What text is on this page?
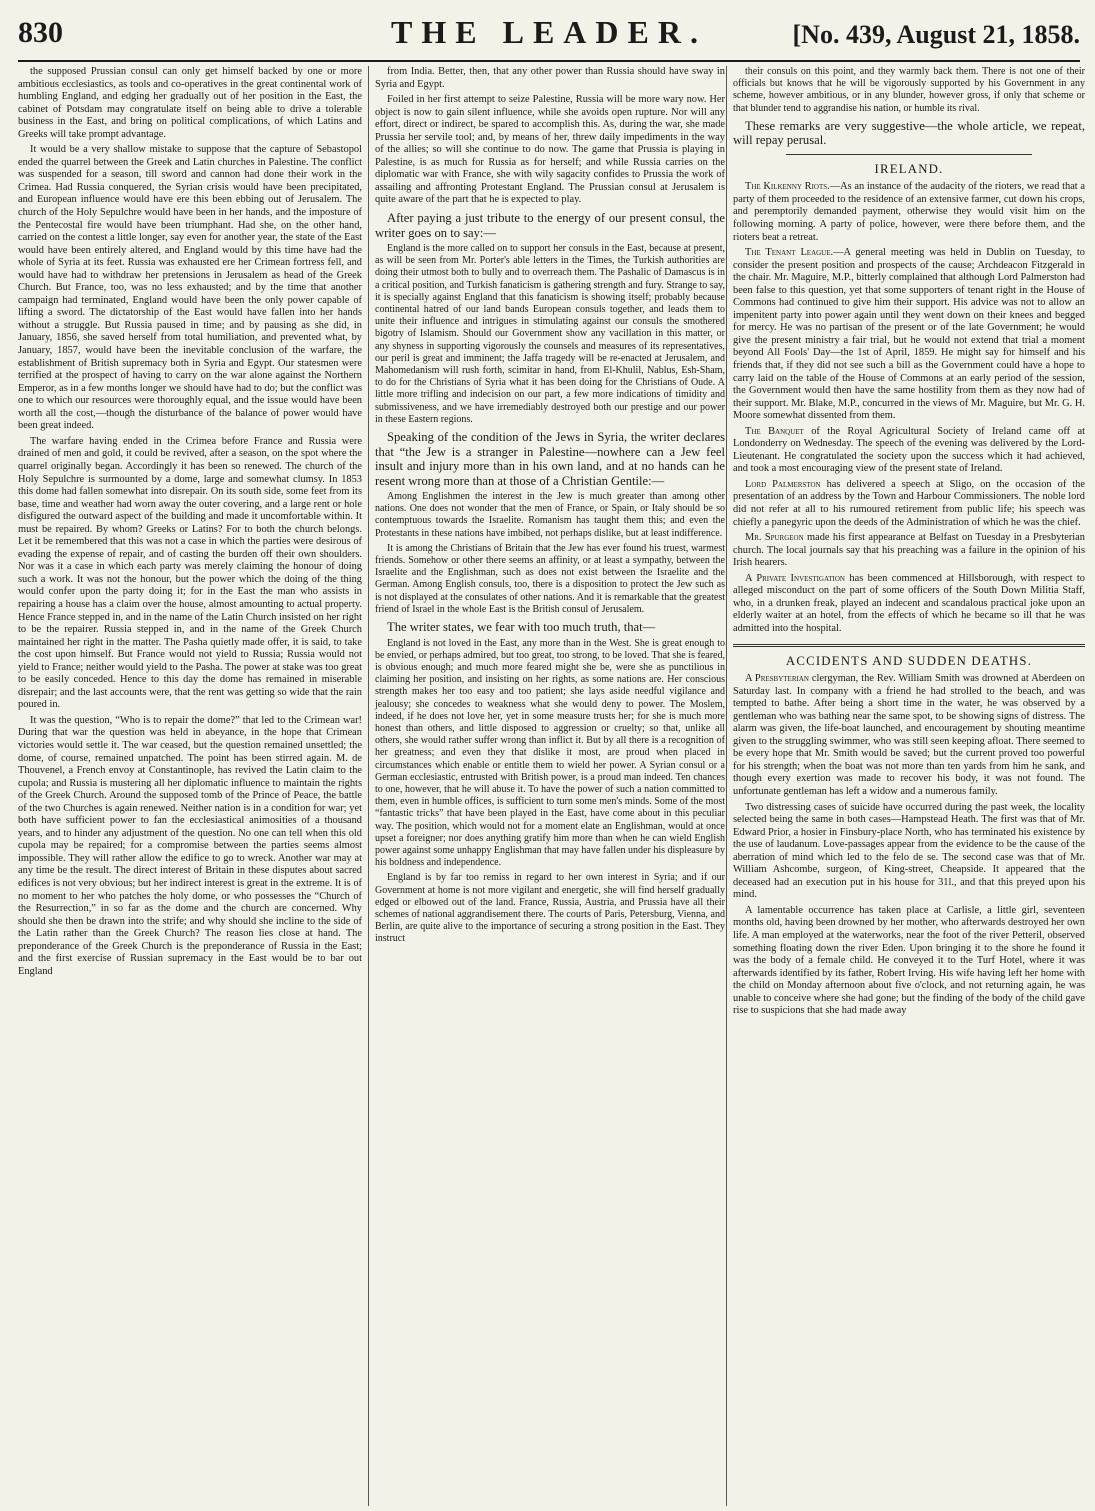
830	THE LEADER.	[No. 439, August 21, 1858.

the supposed Prussian consul can only get himself backed by one or more ambitious ecclesiastics, as tools and co-operatives in the great continental work of humbling England, and edging her gradually out of her position in the East, the cabinet of Potsdam may congratulate itself on being able to drive a tolerable business in the East, and bring on political complications, of which Latins and Greeks will take prompt advantage.

It would be a very shallow mistake to suppose that the capture of Sebastopol ended the quarrel between the Greek and Latin churches in Palestine. The conflict was suspended for a season, till sword and cannon had done their work in the Crimea. Had Russia conquered, the Syrian crisis would have been precipitated, and European influence would have ere this been ebbing out of Jerusalem. The church of the Holy Sepulchre would have been in her hands, and the imposture of the Pentecostal fire would have been triumphant. Had she, on the other hand, carried on the contest a little longer, say even for another year, the state of the East would have been entirely altered, and England would by this time have had the whole of Syria at its feet. Russia was exhausted ere her Crimean fortress fell, and would have had to withdraw her pretensions in Jerusalem as head of the Greek Church. But France, too, was no less exhausted; and by the time that another campaign had terminated, England would have been the only power capable of lifting a sword. The dictatorship of the East would have fallen into her hands without a struggle. But Russia paused in time; and by pausing as she did, in January, 1856, she saved herself from total humiliation, and prevented what, by January, 1857, would have been the inevitable conclusion of the warfare, the establishment of British supremacy both in Syria and Egypt. Our statesmen were terrified at the prospect of having to carry on the war alone against the Northern Emperor, as in a few months longer we should have had to do; but the conflict was one to which our resources were thoroughly equal, and the issue would have been worth all the cost,—though the disturbance of the balance of power would have been great indeed.

The warfare having ended in the Crimea before France and Russia were drained of men and gold, it could be revived, after a season, on the spot where the quarrel originally began. Accordingly it has been so renewed. The church of the Holy Sepulchre is surmounted by a dome, large and somewhat clumsy. In 1853 this dome had fallen somewhat into disrepair. On its south side, some feet from its base, time and weather had worn away the outer covering, and a large rent or hole disfigured the outward aspect of the building and made it uncomfortable within. It must be repaired. By whom? Greeks or Latins? For to both the church belongs. Let it be remembered that this was not a case in which the parties were desirous of evading the expense of repair, and of casting the burden off their own shoulders. Nor was it a case in which each party was merely claiming the honour of doing such a work. It was not the honour, but the power which the doing of the thing would confer upon the party doing it; for in the East the man who assists in repairing a house has a claim over the house, almost amounting to actual property. Hence France stepped in, and in the name of the Latin Church insisted on her right to be the repairer. Russia stepped in, and in the name of the Greek Church maintained her right in the matter. The Pasha quietly made offer, it is said, to take the cost upon himself. But France would not yield to Russia; Russia would not yield to France; neither would yield to the Pasha. The power at stake was too great to be easily conceded. Hence to this day the dome has remained in miserable disrepair; and the last accounts were, that the rent was getting so wide that the rain poured in.

It was the question, “Who is to repair the dome?” that led to the Crimean war! During that war the question was held in abeyance, in the hope that Crimean victories would settle it. The war ceased, but the question remained unsettled; the dome, of course, remained unpatched. The point has been stirred again. M. de Thouvenel, a French envoy at Constantinople, has revived the Latin claim to the cupola; and Russia is mustering all her diplomatic influence to maintain the rights of the Greek Church. Around the supposed tomb of the Prince of Peace, the battle of the two Churches is again renewed. Neither nation is in a condition for war; yet both have sufficient power to fan the ecclesiastical animosities of a thousand years, and to hinder any adjustment of the question. No one can tell when this old cupola may be repaired; for a compromise between the parties seems almost impossible. They will rather allow the edifice to go to wreck. Another war may at any time be the result. The direct interest of Britain in these disputes about sacred edifices is not very obvious; but her indirect interest is great in the extreme. It is of no moment to her who patches the holy dome, or who possesses the “Church of the Resurrection,” in so far as the dome and the church are concerned. Why should she then be drawn into the strife; and why should she incline to the side of the Latin rather than the Greek Church? The reason lies close at hand. The preponderance of the Greek Church is the preponderance of Russia in the East; and the first exercise of Russian supremacy in the East would be to bar out England

from India. Better, then, that any other power than Russia should have sway in Syria and Egypt.

Foiled in her first attempt to seize Palestine, Russia will be more wary now. Her object is now to gain silent influence, while she avoids open rupture. Nor will any effort, direct or indirect, be spared to accomplish this. As, during the war, she made Prussia her servile tool; and, by means of her, threw daily impediments in the way of the allies; so will she continue to do now. The game that Prussia is playing in Palestine, is as much for Russia as for herself; and while Russia carries on the diplomatic war with France, she with wily sagacity confides to Prussia the work of assailing and affronting Protestant England. The Prussian consul at Jerusalem is quite aware of the part that he is expected to play.

After paying a just tribute to the energy of our present consul, the writer goes on to say:—

England is the more called on to support her consuls in the East, because at present, as will be seen from Mr. Porter's able letters in the Times, the Turkish authorities are doing their utmost both to bully and to overreach them. The Pashalic of Damascus is in a critical position, and Turkish fanaticism is gathering strength and fury. Strange to say, it is specially against England that this fanaticism is showing itself; probably because continental hatred of our land bands European consuls together, and leads them to unite their influence and intrigues in stimulating against our consuls the smothered bigotry of Islamism. Should our Government show any vacillation in this matter, or any shyness in supporting vigorously the counsels and measures of its representatives, our peril is great and imminent; the Jaffa tragedy will be re-enacted at Jerusalem, and Mahomedanism will rush forth, scimitar in hand, from El-Khulil, Nablus, Esh-Sham, to do for the Christians of Syria what it has been doing for the Christians of Oude. A little more trifling and indecision on our part, a few more indications of timidity and submissiveness, and we have irremediably destroyed both our prestige and our power in these Eastern regions.

Speaking of the condition of the Jews in Syria, the writer declares that “the Jew is a stranger in Palestine—nowhere can a Jew feel insult and injury more than in his own land, and at no hands can he resent wrong more than at those of a Christian Gentile:—

Among Englishmen the interest in the Jew is much greater than among other nations. One does not wonder that the men of France, or Spain, or Italy should be so contemptuous towards the Israelite. Romanism has taught them this; and even the Protestants in these nations have imbibed, not perhaps dislike, but at least indifference.

It is among the Christians of Britain that the Jew has ever found his truest, warmest friends. Somehow or other there seems an affinity, or at least a sympathy, between the Israelite and the Englishman, such as does not exist between the Israelite and the German. Among English consuls, too, there is a disposition to protect the Jew such as is not displayed at the consulates of other nations. And it is remarkable that the greatest friend of Israel in the whole East is the British consul of Jerusalem.

The writer states, we fear with too much truth, that—

England is not loved in the East, any more than in the West. She is great enough to be envied, or perhaps admired, but too great, too strong, to be loved. That she is feared, is obvious enough; and much more feared might she be, were she as punctilious in claiming her position, and insisting on her rights, as some nations are. Her conscious strength makes her too easy and too patient; she lays aside needful vigilance and jealousy; she concedes to weakness what she would deny to power. The Moslem, indeed, if he does not love her, yet in some measure trusts her; for she is much more honest than others, and little disposed to aggression or cruelty; so that, unlike all others, she would rather suffer wrong than inflict it. But by all there is a recognition of her greatness; and even they that dislike it most, are proud when placed in circumstances which enable or entitle them to wield her power. A Syrian consul or a German ecclesiastic, entrusted with British power, is a proud man indeed. Ten chances to one, however, that he will abuse it. To have the power of such a nation committed to them, even in humble offices, is sufficient to turn some men's minds. Some of the most “fantastic tricks” that have been played in the East, have come about in this peculiar way. The position, which would not for a moment elate an Englishman, would at once upset a foreigner; nor does anything gratify him more than when he can wield English power against some unhappy Englishman that may have fallen under his displeasure by his boldness and independence.

England is by far too remiss in regard to her own interest in Syria; and if our Government at home is not more vigilant and energetic, she will find herself gradually edged or elbowed out of the land. France, Russia, Austria, and Prussia have all their schemes of national aggrandisement there. The courts of Paris, Petersburg, Vienna, and Berlin, are quite alive to the importance of securing a strong position in the East. They instruct

their consuls on this point, and they warmly back them. There is not one of their officials but knows that he will be vigorously supported by his Government in any scheme, however ambitious, or in any blunder, however gross, if only that scheme or that blunder tend to aggrandise his nation, or humble its rival.

These remarks are very suggestive—the whole article, we repeat, will repay perusal.

IRELAND.

The Kilkenny Riots.—As an instance of the audacity of the rioters, we read that a party of them proceeded to the residence of an extensive farmer, cut down his crops, and peremptorily demanded payment, otherwise they would visit him on the following morning. A party of police, however, were there before them, and the rioters beat a retreat.

The Tenant League.—A general meeting was held in Dublin on Tuesday, to consider the present position and prospects of the cause; Archdeacon Fitzgerald in the chair. Mr. Maguire, M.P., bitterly complained that although Lord Palmerston had been false to this question, yet that some supporters of tenant right in the House of Commons had continued to give him their support. His advice was not to allow an impenitent party into power again until they went down on their knees and begged for mercy. He was no partisan of the present or of the late Government; he would give the present ministry a fair trial, but he would not extend that trial a moment beyond All Fools' Day—the 1st of April, 1859. He might say for himself and his friends that, if they did not see such a bill as the Government could have a hope to carry laid on the table of the House of Commons at an early period of the session, the Government would then have the same hostility from them as they now had of their support. Mr. Blake, M.P., concurred in the views of Mr. Maguire, but Mr. G. H. Moore somewhat dissented from them.

The Banquet of the Royal Agricultural Society of Ireland came off at Londonderry on Wednesday. The speech of the evening was delivered by the Lord-Lieutenant. He congratulated the society upon the success which it had achieved, and took a most encouraging view of the present state of Ireland.

Lord Palmerston has delivered a speech at Sligo, on the occasion of the presentation of an address by the Town and Harbour Commissioners. The noble lord did not refer at all to his rumoured retirement from public life; his speech was chiefly a panegyric upon the deeds of the Administration of which he was the chief.

Mr. Spurgeon made his first appearance at Belfast on Tuesday in a Presbyterian church. The local journals say that his preaching was a failure in the opinion of his Irish hearers.

A Private Investigation has been commenced at Hillsborough, with respect to alleged misconduct on the part of some officers of the South Down Militia Staff, who, in a drunken freak, played an indecent and scandalous practical joke upon an elderly waiter at an hotel, from the effects of which he became so ill that he was admitted into the hospital.

ACCIDENTS AND SUDDEN DEATHS.

A Presbyterian clergyman, the Rev. William Smith was drowned at Aberdeen on Saturday last. In company with a friend he had strolled to the beach, and was tempted to bathe. After being a short time in the water, he was observed by a gentleman who was bathing near the same spot, to be showing signs of distress. The alarm was given, the life-boat launched, and encouragement by shouting meantime given to the struggling swimmer, who was still seen keeping afloat. There seemed to be every hope that Mr. Smith would be saved; but the current proved too powerful for his strength; when the boat was not more than ten yards from him he sank, and though every exertion was made to recover his body, it was not found. The unfortunate gentleman has left a widow and a numerous family.

Two distressing cases of suicide have occurred during the past week, the locality selected being the same in both cases—Hampstead Heath. The first was that of Mr. Edward Prior, a hosier in Finsbury-place North, who has terminated his existence by the use of laudanum. Love-passages appear from the evidence to be the cause of the aberration of mind which led to the felo de se. The second case was that of Mr. William Ashcombe, surgeon, of King-street, Cheapside. It appeared that the deceased had an execution put in his house for 31l., and that this preyed upon his mind.

A lamentable occurrence has taken place at Carlisle, a little girl, seventeen months old, having been drowned by her mother, who afterwards destroyed her own life. A man employed at the waterworks, near the foot of the river Petteril, observed something floating down the river Eden. Upon bringing it to the shore he found it was the body of a female child. He conveyed it to the Turf Hotel, where it was afterwards identified by its father, Robert Irving. His wife having left her home with the child on Monday afternoon about five o'clock, and not returning again, he was unable to conceive where she had gone; but the finding of the body of the child gave rise to suspicions that she had made away
